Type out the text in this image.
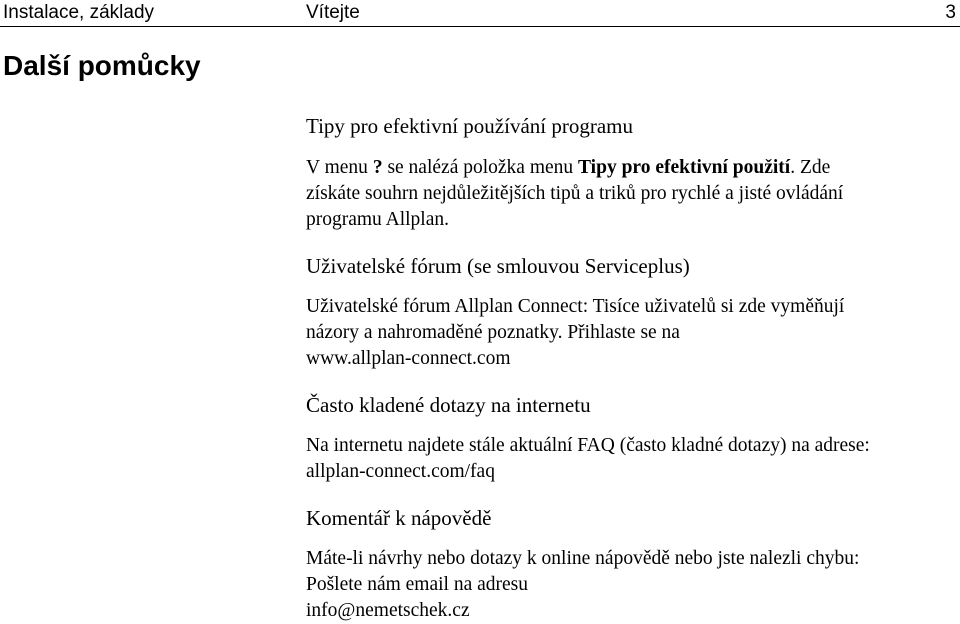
Instalace, základy	Vítejte	3
Další pomůcky
Tipy pro efektivní používání programu
V menu ? se nalézá položka menu Tipy pro efektivní použití. Zde
získáte souhrn nejdůležitějších tipů a triků pro rychlé a jisté ovládání
programu Allplan.
Uživatelské fórum (se smlouvou Serviceplus)
Uživatelské fórum Allplan Connect: Tisíce uživatelů si zde vyměňují
názory a nahromaděné poznatky. Přihlaste se na
www.allplan-connect.com
Často kladené dotazy na internetu
Na internetu najdete stále aktuální FAQ (často kladné dotazy) na adrese:
allplan-connect.com/faq
Komentář k nápovědě
Máte-li návrhy nebo dotazy k online nápovědě nebo jste nalezli chybu:
Pošlete nám email na adresu
info@nemetschek.cz
